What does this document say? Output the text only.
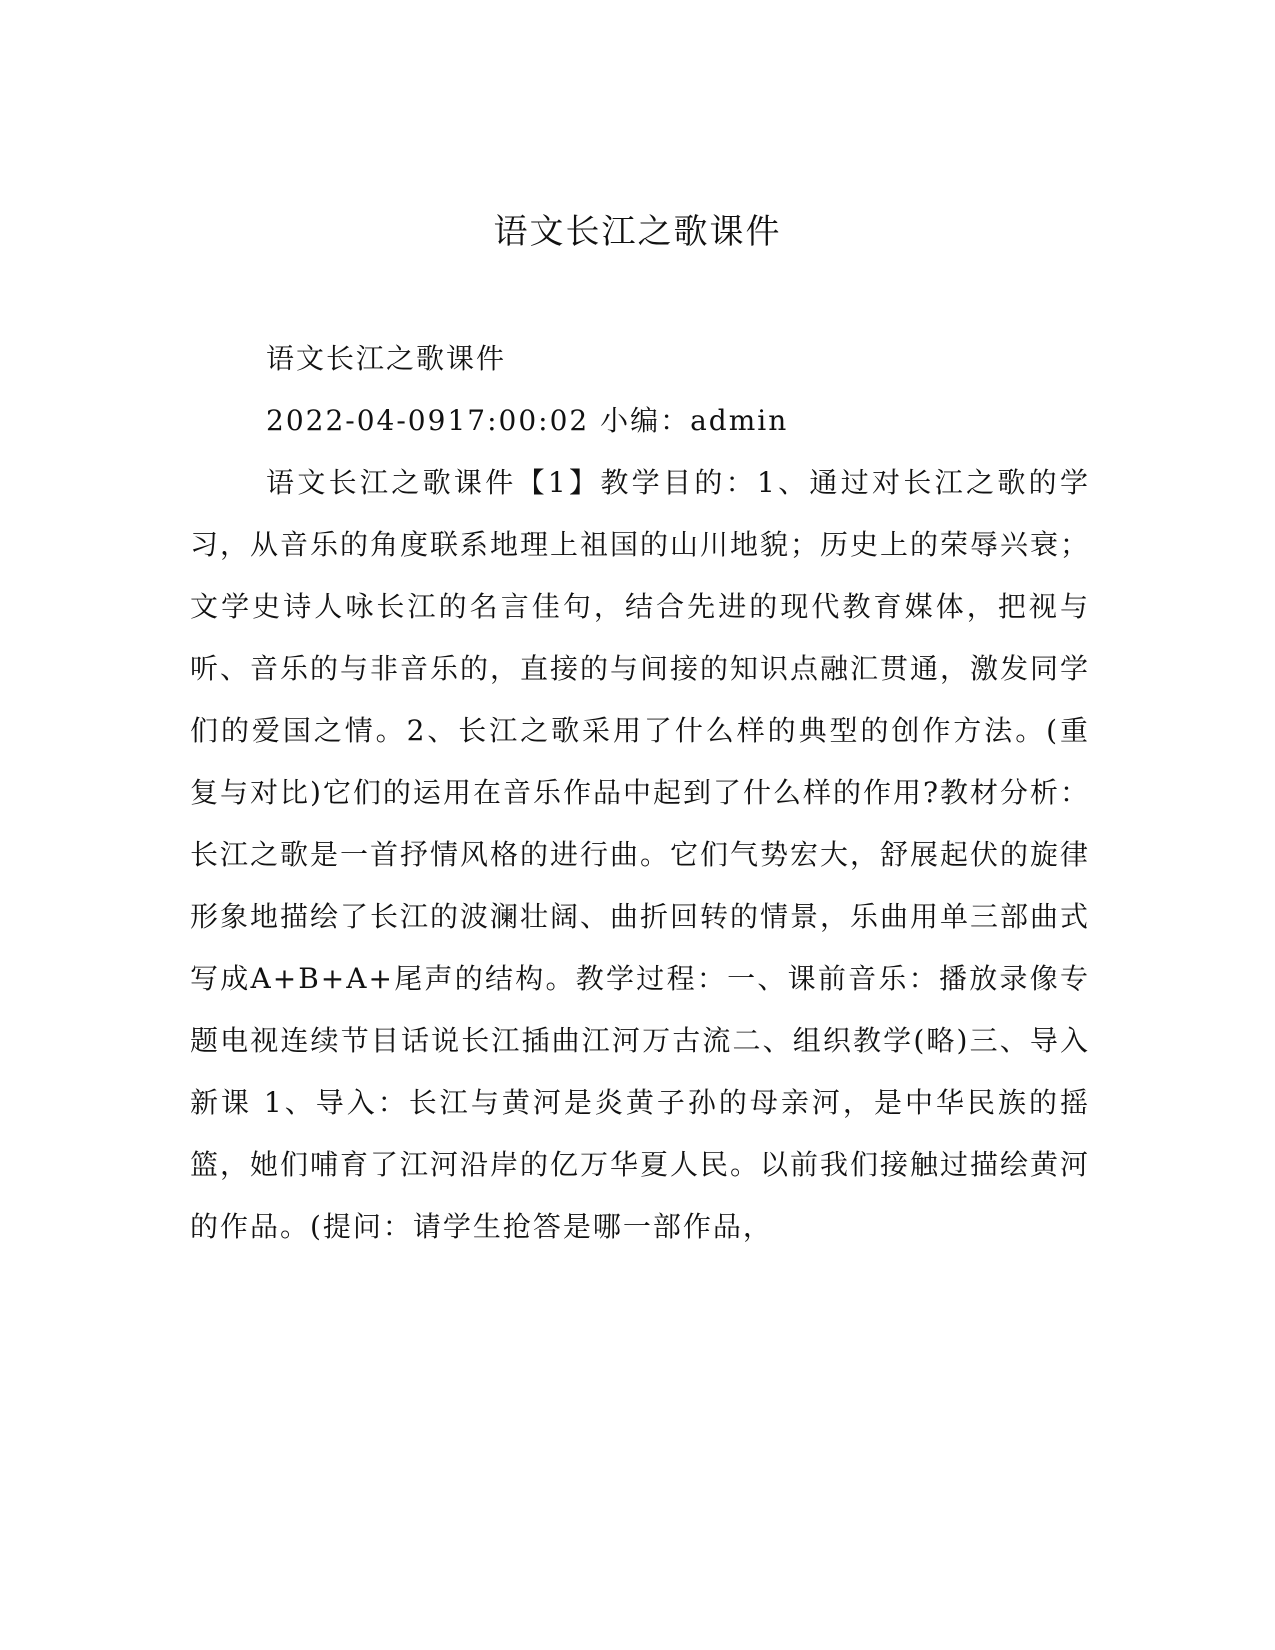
语文长江之歌课件

语文长江之歌课件

2022-04-0917:00:02 小编：admin

语文长江之歌课件【1】教学目的：1、通过对长江之歌的学习，从音乐的角度联系地理上祖国的山川地貌；历史上的荣辱兴衰；文学史诗人咏长江的名言佳句，结合先进的现代教育媒体，把视与听、音乐的与非音乐的，直接的与间接的知识点融汇贯通，激发同学们的爱国之情。2、长江之歌采用了什么样的典型的创作方法。(重复与对比)它们的运用在音乐作品中起到了什么样的作用?教材分析：长江之歌是一首抒情风格的进行曲。它们气势宏大，舒展起伏的旋律形象地描绘了长江的波澜壮阔、曲折回转的情景，乐曲用单三部曲式写成A+B+A+尾声的结构。教学过程：一、课前音乐：播放录像专题电视连续节目话说长江插曲江河万古流二、组织教学(略)三、导入新课 1、导入：长江与黄河是炎黄子孙的母亲河，是中华民族的摇篮，她们哺育了江河沿岸的亿万华夏人民。以前我们接触过描绘黄河的作品。(提问：请学生抢答是哪一部作品，
